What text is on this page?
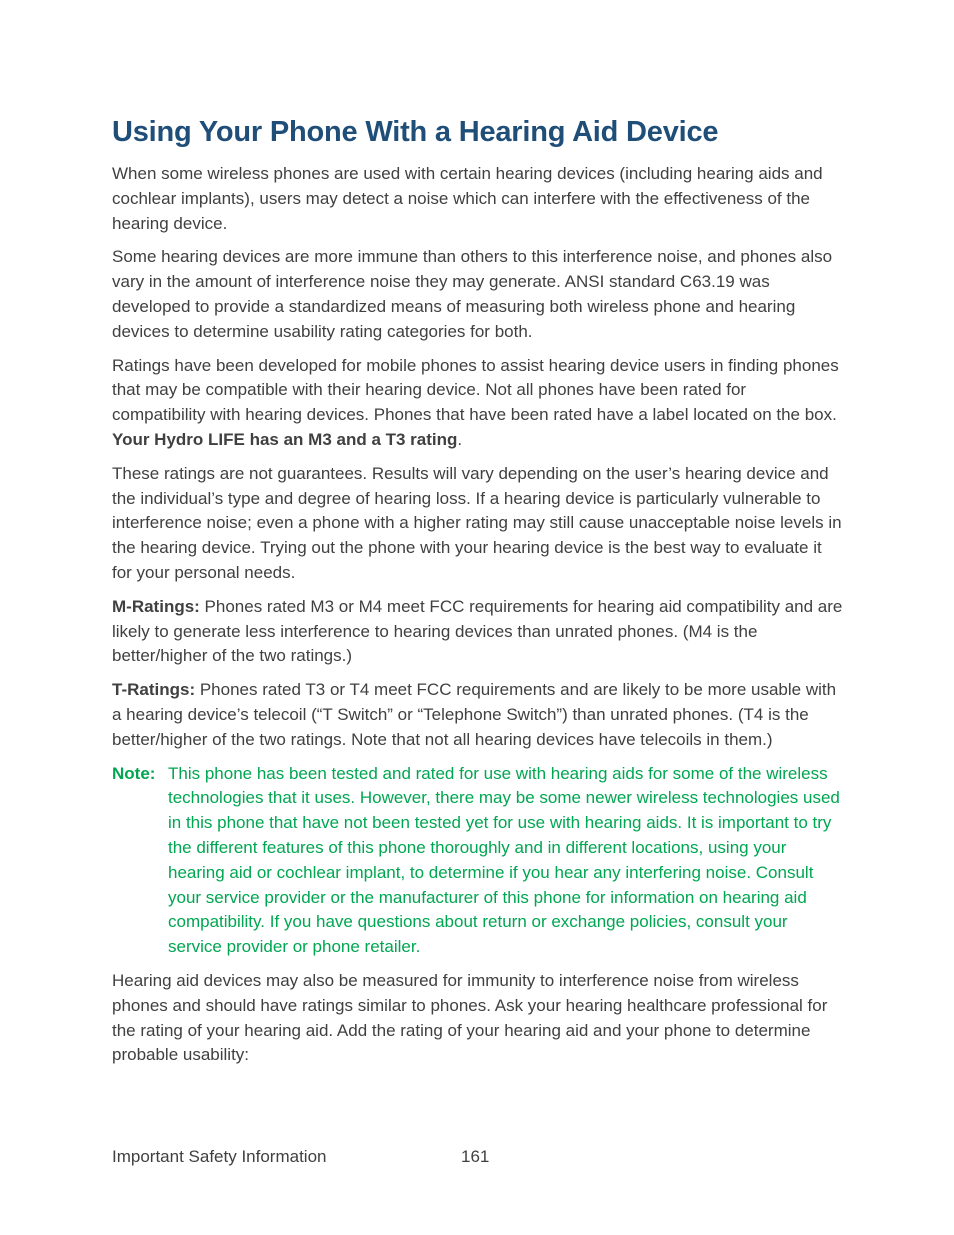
Using Your Phone With a Hearing Aid Device

When some wireless phones are used with certain hearing devices (including hearing aids and cochlear implants), users may detect a noise which can interfere with the effectiveness of the hearing device.

Some hearing devices are more immune than others to this interference noise, and phones also vary in the amount of interference noise they may generate. ANSI standard C63.19 was developed to provide a standardized means of measuring both wireless phone and hearing devices to determine usability rating categories for both.

Ratings have been developed for mobile phones to assist hearing device users in finding phones that may be compatible with their hearing device. Not all phones have been rated for compatibility with hearing devices. Phones that have been rated have a label located on the box. Your Hydro LIFE has an M3 and a T3 rating.

These ratings are not guarantees. Results will vary depending on the user’s hearing device and the individual’s type and degree of hearing loss. If a hearing device is particularly vulnerable to interference noise; even a phone with a higher rating may still cause unacceptable noise levels in the hearing device. Trying out the phone with your hearing device is the best way to evaluate it for your personal needs.

M-Ratings: Phones rated M3 or M4 meet FCC requirements for hearing aid compatibility and are likely to generate less interference to hearing devices than unrated phones. (M4 is the better/higher of the two ratings.)

T-Ratings: Phones rated T3 or T4 meet FCC requirements and are likely to be more usable with a hearing device’s telecoil (“T Switch” or “Telephone Switch”) than unrated phones. (T4 is the better/higher of the two ratings. Note that not all hearing devices have telecoils in them.)

Note: This phone has been tested and rated for use with hearing aids for some of the wireless technologies that it uses. However, there may be some newer wireless technologies used in this phone that have not been tested yet for use with hearing aids. It is important to try the different features of this phone thoroughly and in different locations, using your hearing aid or cochlear implant, to determine if you hear any interfering noise. Consult your service provider or the manufacturer of this phone for information on hearing aid compatibility. If you have questions about return or exchange policies, consult your service provider or phone retailer.

Hearing aid devices may also be measured for immunity to interference noise from wireless phones and should have ratings similar to phones. Ask your hearing healthcare professional for the rating of your hearing aid. Add the rating of your hearing aid and your phone to determine probable usability:

Important Safety Information	161
